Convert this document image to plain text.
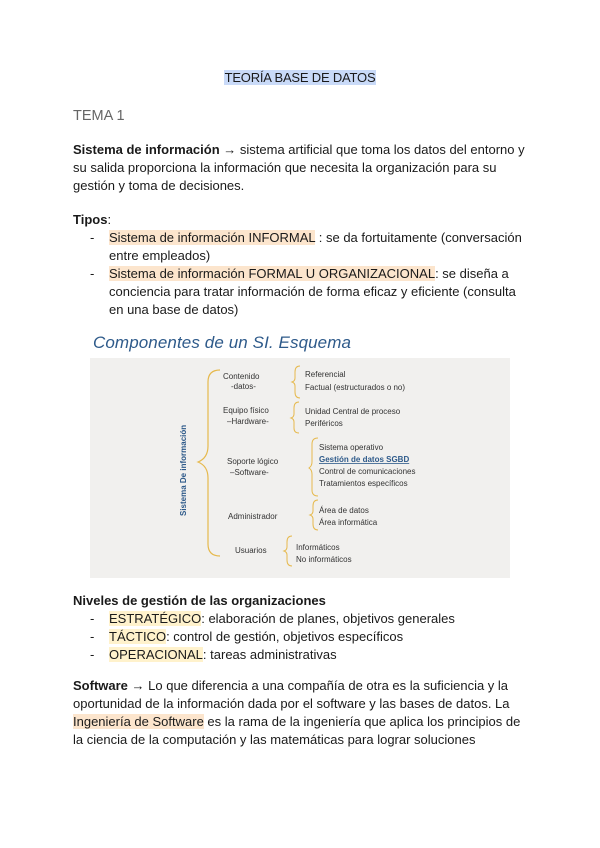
TEORÍA BASE DE DATOS
TEMA 1
Sistema de información → sistema artificial que toma los datos del entorno y su salida proporciona la información que necesita la organización para su gestión y toma de decisiones.
Tipos:
- Sistema de información INFORMAL : se da fortuitamente (conversación entre empleados)
- Sistema de información FORMAL U ORGANIZACIONAL: se diseña a conciencia para tratar información de forma eficaz y eficiente (consulta en una base de datos)
Componentes de un SI. Esquema
Sistema De información
Contenido
-datos-
Referencial
Factual (estructurados o no)
Equipo físico
–Hardware-
Unidad Central de proceso
Periféricos
Soporte lógico
–Software-
Sistema operativo
Gestión de datos SGBD
Control de comunicaciones
Tratamientos específicos
Administrador
Área de datos
Área informática
Usuarios	Informáticos
No informáticos
Niveles de gestión de las organizaciones
- ESTRATÉGICO: elaboración de planes, objetivos generales
- TÁCTICO: control de gestión, objetivos específicos
- OPERACIONAL: tareas administrativas
Software → Lo que diferencia a una compañía de otra es la suficiencia y la oportunidad de la información dada por el software y las bases de datos. La Ingeniería de Software es la rama de la ingeniería que aplica los principios de la ciencia de la computación y las matemáticas para lograr soluciones
